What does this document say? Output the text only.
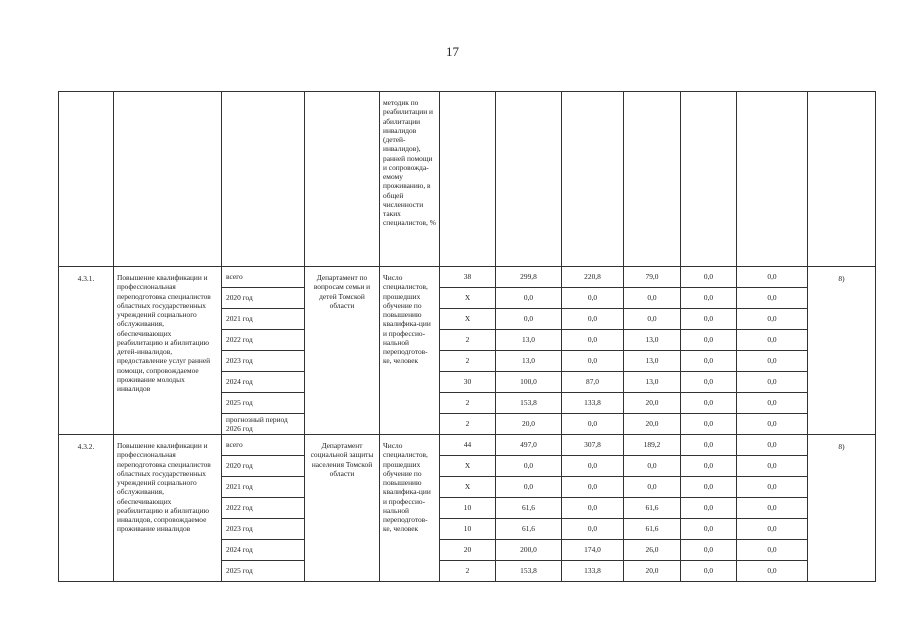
17
				методик по реабилитации и абилитации инвалидов (детей-инвалидов), ранней помощи и сопровожда-емому проживанию, в общей численности таких специалистов, %							
4.3.1.	Повышение квалификации и профессиональная переподготовка специалистов областных государственных учреждений социального обслуживания, обеспечивающих реабилитацию и абилитацию детей-инвалидов, предоставление услуг ранней помощи, сопровождаемое проживание молодых инвалидов	всего	Департамент по вопросам семьи и детей Томской области	Число специалистов, прошедших обучение по повышению квалифика-ции и профессио-нальной переподготов-ке, человек	38	299,8	220,8	79,0	0,0	0,0	8)
		2020 год			X	0,0	0,0	0,0	0,0	0,0	
		2021 год			X	0,0	0,0	0,0	0,0	0,0	
		2022 год			2	13,0	0,0	13,0	0,0	0,0	
		2023 год			2	13,0	0,0	13,0	0,0	0,0	
		2024 год			30	100,0	87,0	13,0	0,0	0,0	
		2025 год			2	153,8	133,8	20,0	0,0	0,0	
		прогнозный период 2026 год			2	20,0	0,0	20,0	0,0	0,0	
4.3.2.	Повышение квалификации и профессиональная переподготовка специалистов областных государственных учреждений социального обслуживания, обеспечивающих реабилитацию и абилитацию инвалидов, сопровождаемое проживание инвалидов	всего	Департамент социальной защиты населения Томской области	Число специалистов, прошедших обучение по повышению квалифика-ции и профессио-нальной переподготов-ке, человек	44	497,0	307,8	189,2	0,0	0,0	8)
		2020 год			X	0,0	0,0	0,0	0,0	0,0	
		2021 год			X	0,0	0,0	0,0	0,0	0,0	
		2022 год			10	61,6	0,0	61,6	0,0	0,0	
		2023 год			10	61,6	0,0	61,6	0,0	0,0	
		2024 год			20	200,0	174,0	26,0	0,0	0,0	
		2025 год			2	153,8	133,8	20,0	0,0	0,0	
